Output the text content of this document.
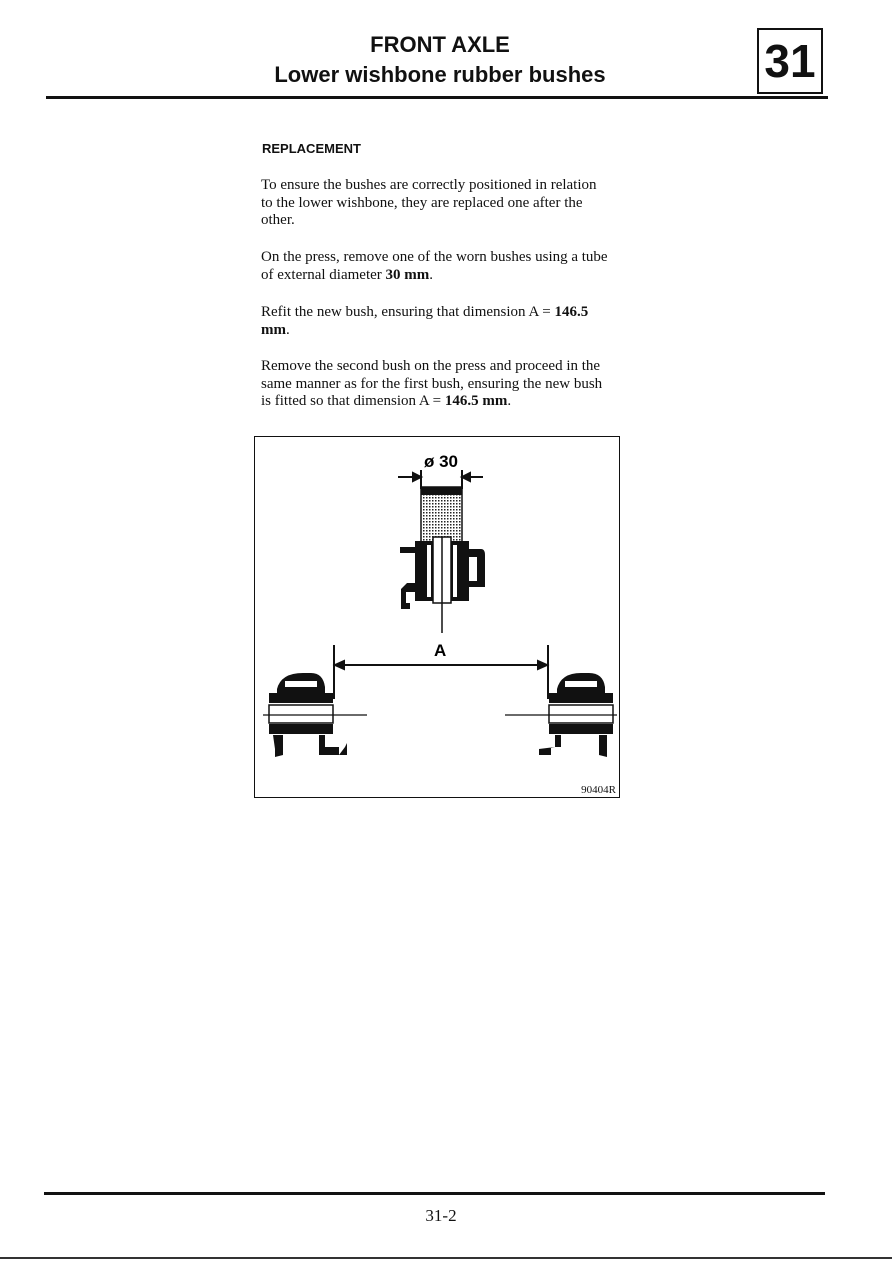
FRONT AXLE
Lower wishbone rubber bushes	31
REPLACEMENT

To ensure the bushes are correctly positioned in relation to the lower wishbone, they are replaced one after the other.

On the press, remove one of the worn bushes using a tube of external diameter 30 mm.

Refit the new bush, ensuring that dimension A = 146.5 mm.

Remove the second bush on the press and proceed in the same manner as for the first bush, ensuring the new bush is fitted so that dimension A = 146.5 mm.

ø 30
A
90404R
31-2
